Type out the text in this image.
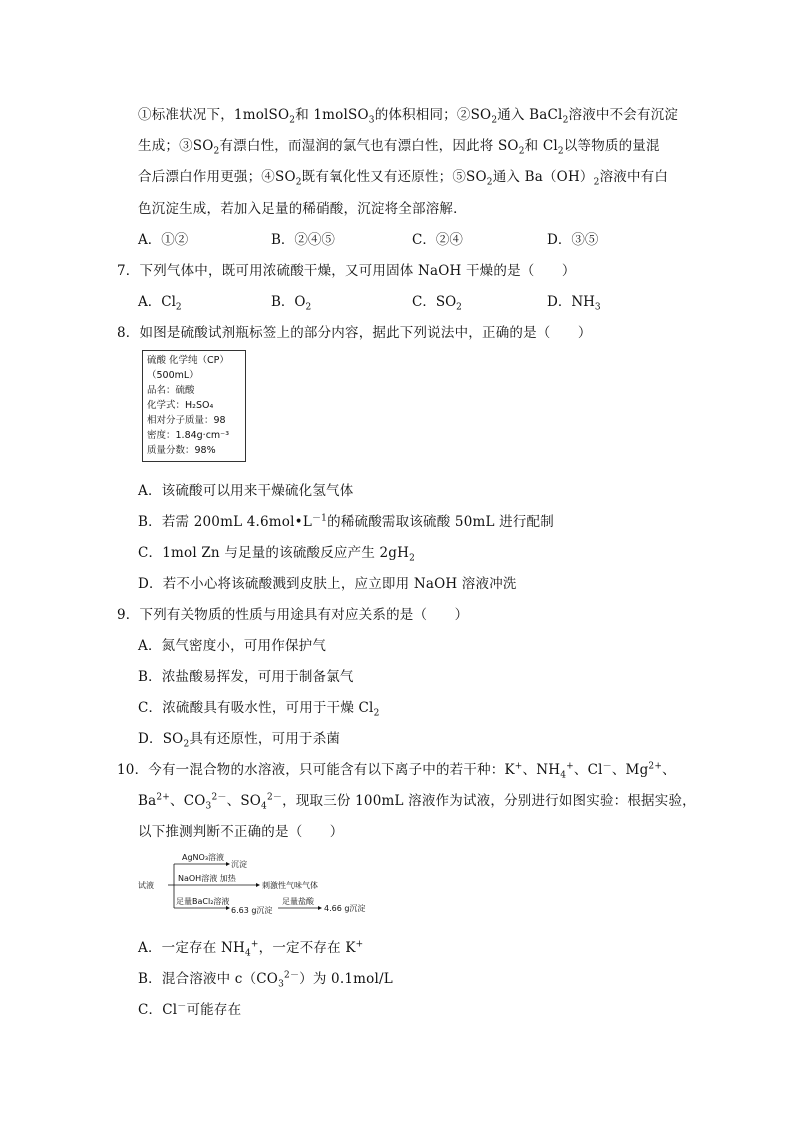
①标准状况下，1molSO$_2$和 1molSO$_3$的体积相同；$②SO_2$通入 BaCl$_2$溶液中不会有沉淀
生成；$③SO_2$有漂白性，而湿润的氯气也有漂白性，因此将 $SO_2$和 $Cl_2$以等物质的量混
合后漂白作用更强；$④SO_2$既有氧化性又有还原性；$⑤SO_2$通入 $Ba(OH)_2$溶液中有白
色沉淀生成，若加入足量的稀硝酸，沉淀将全部溶解．
A．①②	B．②④⑤	C．②④	D．③⑤
7．下列气体中，既可用浓硫酸干燥，又可用固体 NaOH 干燥的是（　　）
A．$Cl_2$	B．$O_2$	C．$SO_2$	D．$NH_3$
8．如图是硫酸试剂瓶标签上的部分内容，据此下列说法中，正确的是（　　）
硫酸 化学纯（CP）
（500mL）
品名：硫酸
化学式：H₂SO₄
相对分子质量：98
密度：1.84g·cm⁻³
质量分数：98%
A．该硫酸可以用来干燥硫化氢气体
B．若需 200mL $4.6mol•L^{-1}$的稀硫酸需取该硫酸 50mL 进行配制
C．1mol Zn 与足量的该硫酸反应产生 $2gH_2$
D．若不小心将该硫酸溅到皮肤上，应立即用 NaOH 溶液冲洗
9．下列有关物质的性质与用途具有对应关系的是（　　）
A．氮气密度小，可用作保护气
B．浓盐酸易挥发，可用于制备氯气
C．浓硫酸具有吸水性，可用于干燥 $Cl_2$
D．$SO_2$具有还原性，可用于杀菌
10．今有一混合物的水溶液，只可能含有以下离子中的若干种：K+、$NH_4^+$、Cl－、$Mg^{2+}$、
$Ba^{2+}$、$CO_3^{2-}$、$SO_4^{2-}$，现取三份 100mL 溶液作为试液，分别进行如图实验：根据实验，
以下推测判断不正确的是（　　）
试液
AgNO₃溶液
沉淀
NaOH溶液 加热
刺激性气味气体
足量BaCl₂溶液
6.63 g沉淀
足量盐酸
4.66 g沉淀
A．一定存在 $NH_4^+$，一定不存在 K+
B．混合溶液中 $c(CO_3^{2-})$为 0.1mol/L
C．Cl－可能存在
